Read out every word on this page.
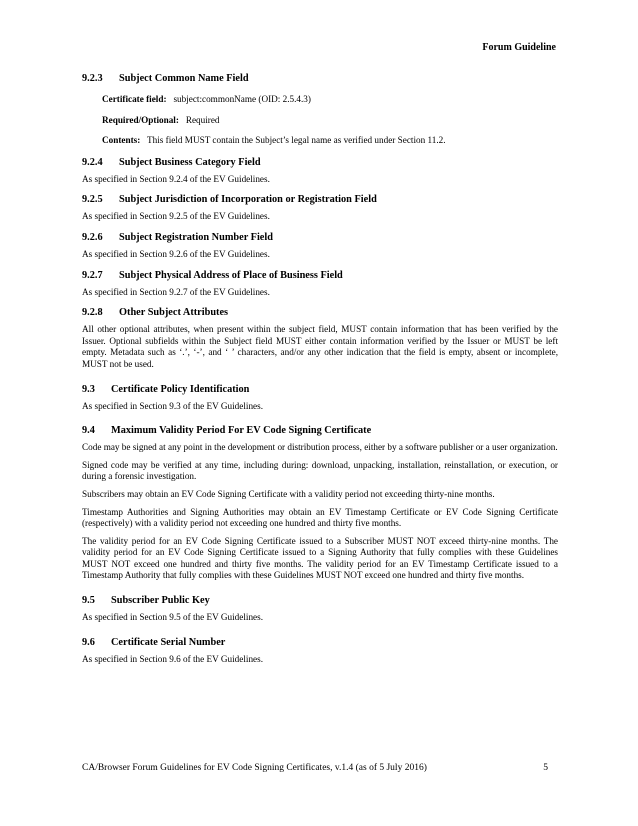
Forum Guideline
9.2.3	Subject Common Name Field

Certificate field: subject:commonName (OID: 2.5.4.3)

Required/Optional: Required

Contents: This field MUST contain the Subject’s legal name as verified under Section 11.2.

9.2.4	Subject Business Category Field

As specified in Section 9.2.4 of the EV Guidelines.

9.2.5	Subject Jurisdiction of Incorporation or Registration Field

As specified in Section 9.2.5 of the EV Guidelines.

9.2.6	Subject Registration Number Field

As specified in Section 9.2.6 of the EV Guidelines.

9.2.7	Subject Physical Address of Place of Business Field

As specified in Section 9.2.7 of the EV Guidelines.

9.2.8	Other Subject Attributes

All other optional attributes, when present within the subject field, MUST contain information that has been verified by the Issuer. Optional subfields within the Subject field MUST either contain information verified by the Issuer or MUST be left empty. Metadata such as ‘.’, ‘-’, and ‘ ’ characters, and/or any other indication that the field is empty, absent or incomplete, MUST not be used.

9.3	Certificate Policy Identification

As specified in Section 9.3 of the EV Guidelines.

9.4	Maximum Validity Period For EV Code Signing Certificate

Code may be signed at any point in the development or distribution process, either by a software publisher or a user organization.

Signed code may be verified at any time, including during: download, unpacking, installation, reinstallation, or execution, or during a forensic investigation.

Subscribers may obtain an EV Code Signing Certificate with a validity period not exceeding thirty-nine months.

Timestamp Authorities and Signing Authorities may obtain an EV Timestamp Certificate or EV Code Signing Certificate (respectively) with a validity period not exceeding one hundred and thirty five months.

The validity period for an EV Code Signing Certificate issued to a Subscriber MUST NOT exceed thirty-nine months. The validity period for an EV Code Signing Certificate issued to a Signing Authority that fully complies with these Guidelines MUST NOT exceed one hundred and thirty five months. The validity period for an EV Timestamp Certificate issued to a Timestamp Authority that fully complies with these Guidelines MUST NOT exceed one hundred and thirty five months.

9.5	Subscriber Public Key

As specified in Section 9.5 of the EV Guidelines.

9.6	Certificate Serial Number

As specified in Section 9.6 of the EV Guidelines.

CA/Browser Forum Guidelines for EV Code Signing Certificates, v.1.4 (as of 5 July 2016)	5
